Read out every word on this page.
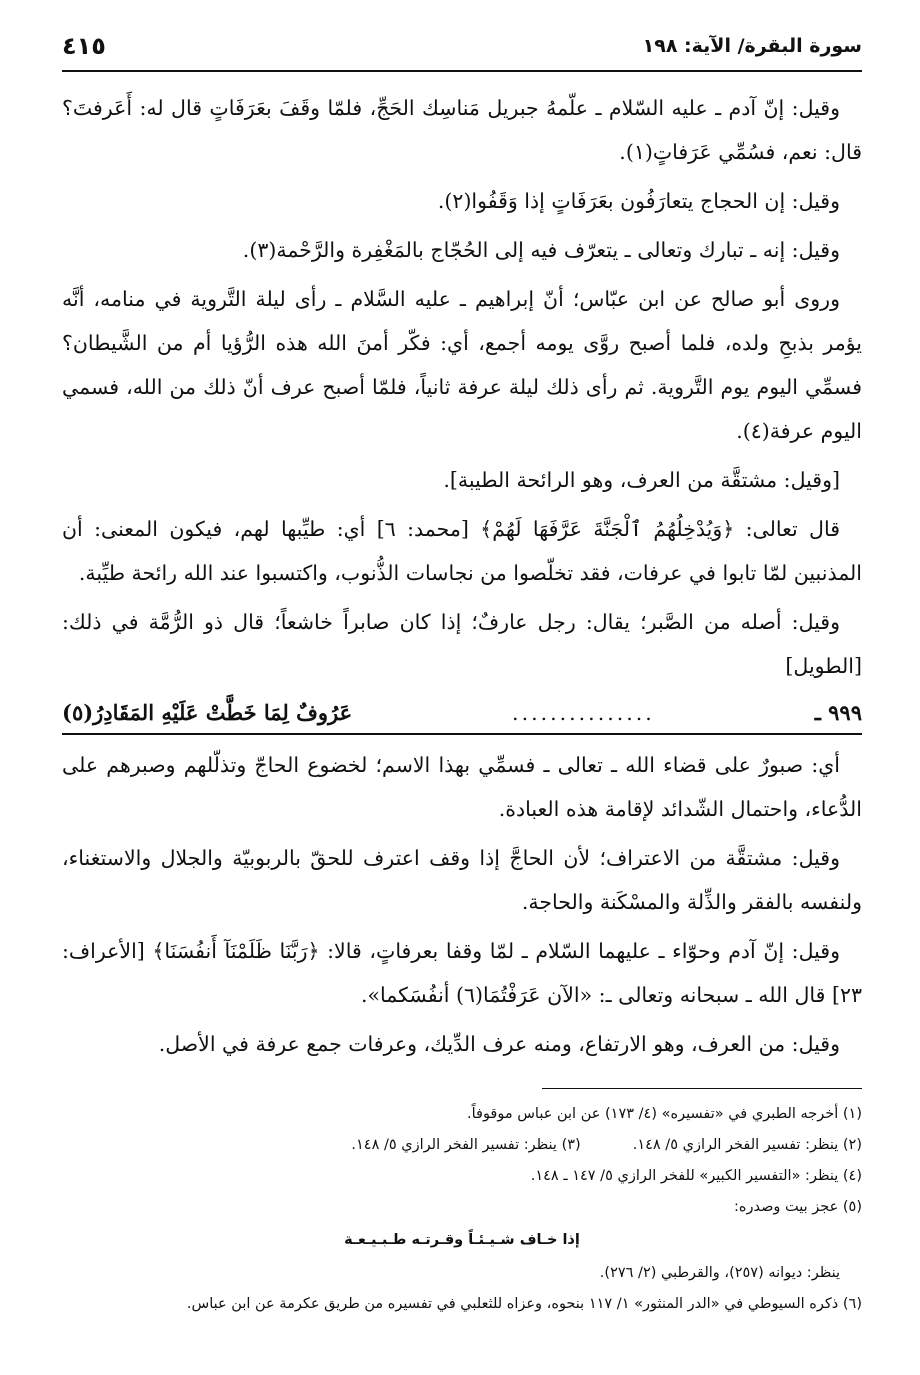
سورة البقرة/ الآية: ١٩٨
٤١٥

وقيل: إنّ آدم ـ عليه السّلام ـ علّمهُ جبريل مَناسِك الحَجِّ، فلمّا وقَفَ بعَرَفَاتٍ قال له: أَعَرفتَ؟ قال: نعم، فسُمِّي عَرَفاتٍ(١).

وقيل: إن الحجاج يتعارَفُون بعَرَفَاتٍ إذا وَقَفُوا(٢).

وقيل: إنه ـ تبارك وتعالى ـ يتعرّف فيه إلى الحُجّاج بالمَغْفِرة والرَّحْمة(٣).

وروى أبو صالح عن ابن عبّاس؛ أنّ إبراهيم ـ عليه السَّلام ـ رأى ليلة التَّروية في منامه، أنَّه يؤمر بذبحِ ولده، فلما أصبح روَّى يومه أجمع، أي: فكّر أمنَ الله هذه الرُّؤيا أم من الشَّيطان؟ فسمِّي اليوم يوم التَّروية. ثم رأى ذلك ليلة عرفة ثانياً، فلمّا أصبح عرف أنّ ذلك من الله، فسمي اليوم عرفة(٤).

[وقيل: مشتقَّة من العرف، وهو الرائحة الطيبة].

قال تعالى: ﴿وَيُدْخِلُهُمُ ٱلْجَنَّةَ عَرَّفَهَا لَهُمْ﴾ [محمد: ٦] أي: طيِّبها لهم، فيكون المعنى: أن المذنبين لمّا تابوا في عرفات، فقد تخلّصوا من نجاسات الذُّنوب، واكتسبوا عند الله رائحة طيِّبة.

وقيل: أصله من الصَّبر؛ يقال: رجل عارفٌ؛ إذا كان صابراً خاشعاً؛ قال ذو الرُّمَّة في ذلك: [الطويل]

٩٩٩ ـ
...............
عَرُوفٌ لِمَا خَطَّتْ عَلَيْهِ المَقَادِرُ(٥)

أي: صبورٌ على قضاء الله ـ تعالى ـ فسمِّي بهذا الاسم؛ لخضوع الحاجّ وتذلّلهم وصبرهم على الدُّعاء، واحتمال الشّدائد لإقامة هذه العبادة.

وقيل: مشتقَّة من الاعتراف؛ لأن الحاجَّ إذا وقف اعترف للحقّ بالربوبيّة والجلال والاستغناء، ولنفسه بالفقر والذِّلة والمسْكَنة والحاجة.

وقيل: إنّ آدم وحوّاء ـ عليهما السّلام ـ لمّا وقفا بعرفاتٍ، قالا: ﴿رَبَّنَا ظَلَمْنَآ أَنفُسَنَا﴾ [الأعراف: ٢٣] قال الله ـ سبحانه وتعالى ـ: «الآن عَرَفْتُمَا(٦) أنفُسَكما».

وقيل: من العرف، وهو الارتفاع، ومنه عرف الدِّيك، وعرفات جمع عرفة في الأصل.

(١) أخرجه الطبري في «تفسيره» (٤/ ١٧٣) عن ابن عباس موقوفاً.

(٢) ينظر: تفسير الفخر الرازي ٥/ ١٤٨.
(٣) ينظر: تفسير الفخر الرازي ٥/ ١٤٨.

(٤) ينظر: «التفسير الكبير» للفخر الرازي ٥/ ١٤٧ ـ ١٤٨.

(٥) عجز بيت وصدره:

إذا خـاف شـيـئـاً وقـرتـه طـبـيـعـة

ينظر: ديوانه (٢٥٧)، والقرطبي (٢/ ٢٧٦).

(٦) ذكره السيوطي في «الدر المنثور» ١/ ١١٧ بنحوه، وعزاه للثعلبي في تفسيره من طريق عكرمة عن ابن عباس.
